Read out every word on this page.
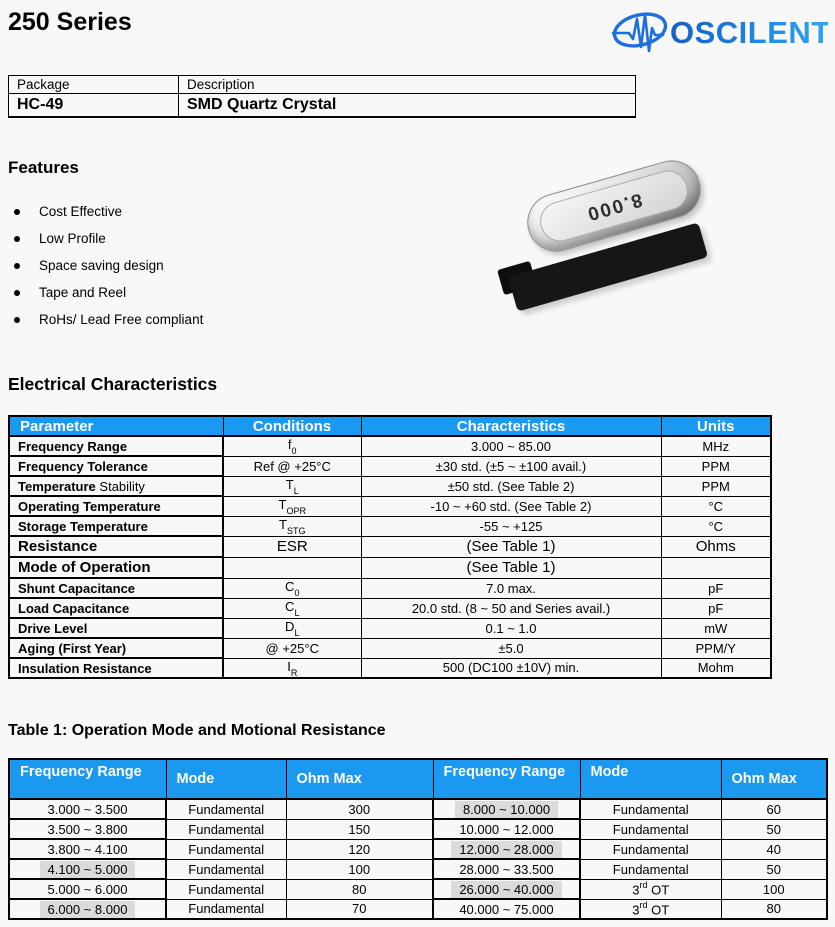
250 Series	OSCILENT
Package	Description
HC-49	SMD Quartz Crystal
Features
Cost Effective
Low Profile
Space saving design
Tape and Reel
RoHs/ Lead Free compliant
8.000
Electrical Characteristics
Parameter	Conditions	Characteristics	Units
Frequency Range	$f_0$	3.000 ~ 85.00	MHz
Frequency Tolerance	Ref @ +25°C	±30 std. (±5 ~ ±100 avail.)	PPM
Temperature Stability	$T_L$	±50 std. (See Table 2)	PPM
Operating Temperature	$T_{OPR}$	-10 ~ +60 std. (See Table 2)	°C
Storage Temperature	$T_{STG}$	-55 ~ +125	°C
Resistance	ESR	(See Table 1)	Ohms
Mode of Operation		(See Table 1)	
Shunt Capacitance	$C_0$	7.0 max.	pF
Load Capacitance	$C_L$	20.0 std. (8 ~ 50 and Series avail.)	pF
Drive Level	$D_L$	0.1 ~ 1.0	mW
Aging (First Year)	@ +25°C	±5.0	PPM/Y
Insulation Resistance	$I_R$	500 (DC100 ±10V) min.	Mohm
Table 1: Operation Mode and Motional Resistance
Frequency Range	Mode	Ohm Max	Frequency Range	Mode	Ohm Max
3.000 ~ 3.500	Fundamental	300	8.000 ~ 10.000	Fundamental	60
3.500 ~ 3.800	Fundamental	150	10.000 ~ 12.000	Fundamental	50
3.800 ~ 4.100	Fundamental	120	12.000 ~ 28.000	Fundamental	40
4.100 ~ 5.000	Fundamental	100	28.000 ~ 33.500	Fundamental	50
5.000 ~ 6.000	Fundamental	80	26.000 ~ 40.000	3rd OT	100
6.000 ~ 8.000	Fundamental	70	40.000 ~ 75.000	3rd OT	80
